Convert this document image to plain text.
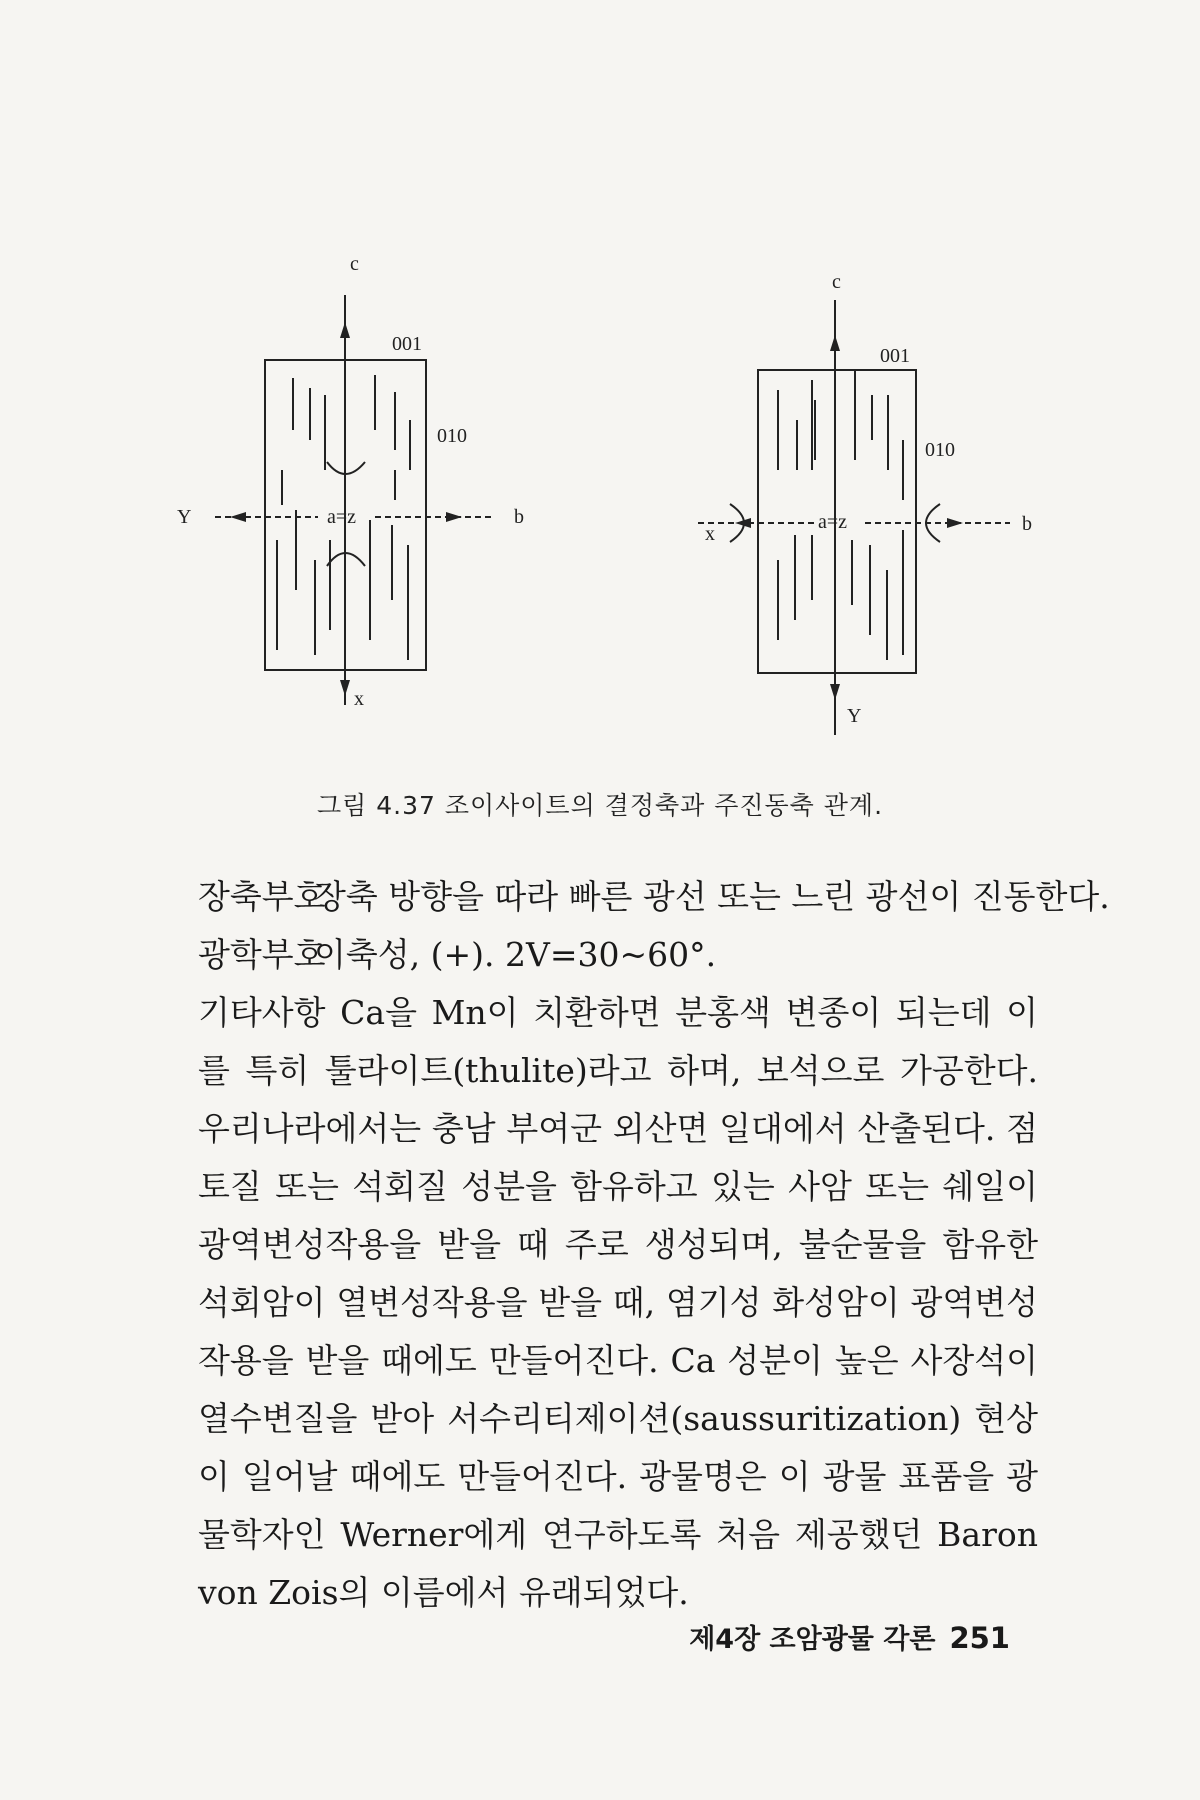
c
001
010
Y	a=z	b
x
c
001
010
x
a=z	b
Y
그림 4.37 조이사이트의 결정축과 주진동축 관계.
장축부호
장축 방향을 따라 빠른 광선 또는 느린 광선이 진동한다.
광학부호
이축성, (+). 2V=30~60°.

기타사항 Ca을 Mn이 치환하면 분홍색 변종이 되는데 이를 특히 툴라이트(thulite)라고 하며, 보석으로 가공한다. 우리나라에서는 충남 부여군 외산면 일대에서 산출된다. 점토질 또는 석회질 성분을 함유하고 있는 사암 또는 쉐일이 광역변성작용을 받을 때 주로 생성되며, 불순물을 함유한 석회암이 열변성작용을 받을 때, 염기성 화성암이 광역변성작용을 받을 때에도 만들어진다. Ca 성분이 높은 사장석이 열수변질을 받아 서수리티제이션(saussuritization) 현상이 일어날 때에도 만들어진다. 광물명은 이 광물 표품을 광물학자인 Werner에게 연구하도록 처음 제공했던 Baron von Zois의 이름에서 유래되었다.

제4장 조암광물 각론 251
